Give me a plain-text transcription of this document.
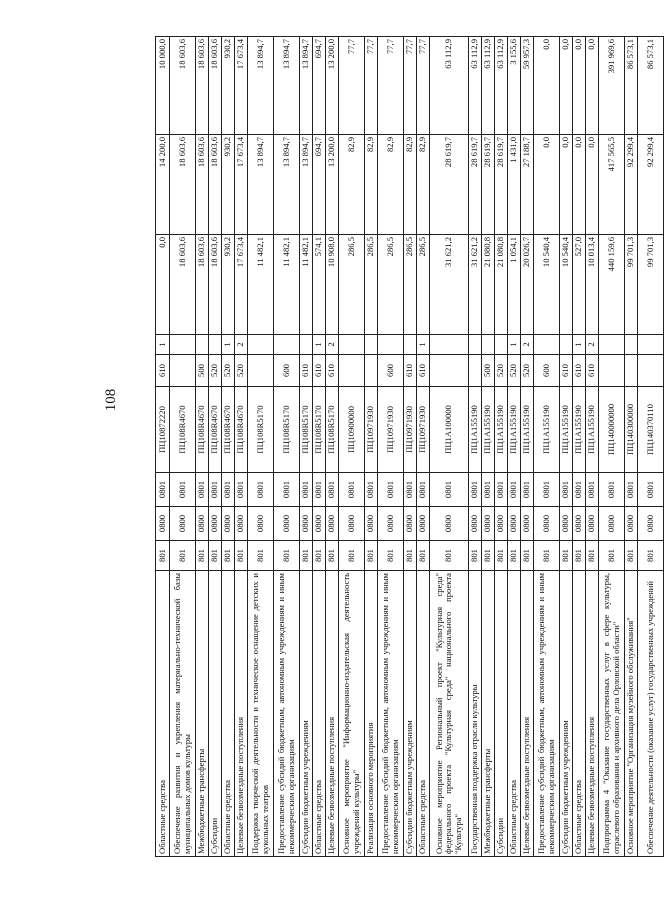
108
Областные средства	801	0800	0801	ПЦ10872220	610	1	0,0	14 200,0	10 000,0
Обеспечение развития и укрепления материально-технической базы муниципальных домов культуры	801	0800	0801	ПЦ108R4670			18 603,6	18 603,6	18 603,6
Межбюджетные трансферты	801	0800	0801	ПЦ108R4670	500		18 603,6	18 603,6	18 603,6
Субсидии	801	0800	0801	ПЦ108R4670	520		18 603,6	18 603,6	18 603,6
Областные средства	801	0800	0801	ПЦ108R4670	520	1	930,2	930,2	930,2
Целевые безвозмездные поступления	801	0800	0801	ПЦ108R4670	520	2	17 673,4	17 673,4	17 673,4
Поддержка творческой деятельности и техническое оснащение детских и кукольных театров	801	0800	0801	ПЦ108R5170			11 482,1	13 894,7	13 894,7
Предоставление субсидий бюджетным, автономным учреждениям и иным некоммерческим организациям	801	0800	0801	ПЦ108R5170	600		11 482,1	13 894,7	13 894,7
Субсидии бюджетным учреждениям	801	0800	0801	ПЦ108R5170	610		11 482,1	13 894,7	13 894,7
Областные средства	801	0800	0801	ПЦ108R5170	610	1	574,1	694,7	694,7
Целевые безвозмездные поступления	801	0800	0801	ПЦ108R5170	610	2	10 908,0	13 200,0	13 200,0
Основное мероприятие "Информационно-издательская деятельность учреждений культуры"	801	0800	0801	ПЦ10900000			286,5	82,9	77,7
Реализация основного мероприятия	801	0800	0801	ПЦ10971930			286,5	82,9	77,7
Предоставление субсидий бюджетным, автономным учреждениям и иным некоммерческим организациям	801	0800	0801	ПЦ10971930	600		286,5	82,9	77,7
Субсидии бюджетным учреждениям	801	0800	0801	ПЦ10971930	610		286,5	82,9	77,7
Областные средства	801	0800	0801	ПЦ10971930	610	1	286,5	82,9	77,7
Основное мероприятие Региональный проект "Культурная среда" федерального проекта "Культурная среда" национального проекта "Культура"	801	0800	0801	ПЦ1А100000			31 621,2	28 619,7	63 112,9
Государственная поддержка отрасли культуры	801	0800	0801	ПЦ1А155190			31 621,2	28 619,7	63 112,9
Межбюджетные трансферты	801	0800	0801	ПЦ1А155190	500		21 080,8	28 619,7	63 112,9
Субсидии	801	0800	0801	ПЦ1А155190	520		21 080,8	28 619,7	63 112,9
Областные средства	801	0800	0801	ПЦ1А155190	520	1	1 054,1	1 431,0	3 155,6
Целевые безвозмездные поступления	801	0800	0801	ПЦ1А155190	520	2	20 026,7	27 188,7	59 957,3
Предоставление субсидий бюджетным, автономным учреждениям и иным некоммерческим организациям	801	0800	0801	ПЦ1А155190	600		10 540,4	0,0	0,0
Субсидии бюджетным учреждениям	801	0800	0801	ПЦ1А155190	610		10 540,4	0,0	0,0
Областные средства	801	0800	0801	ПЦ1А155190	610	1	527,0	0,0	0,0
Целевые безвозмездные поступления	801	0800	0801	ПЦ1А155190	610	2	10 013,4	0,0	0,0
Подпрограмма 4 "Оказание государственных услуг в сфере культуры, отраслевого образования и архивного дела Орловской области"	801	0800	0801	ПЦ140000000			440 159,6	417 565,5	391 969,6
Основное мероприятие "Организация музейного обслуживания"	801	0800	0801	ПЦ140300000			99 701,3	92 299,4	86 573,1
Обеспечение деятельности (оказание услуг) государственных учреждений	801	0800	0801	ПЦ140370110			99 701,3	92 299,4	86 573,1
